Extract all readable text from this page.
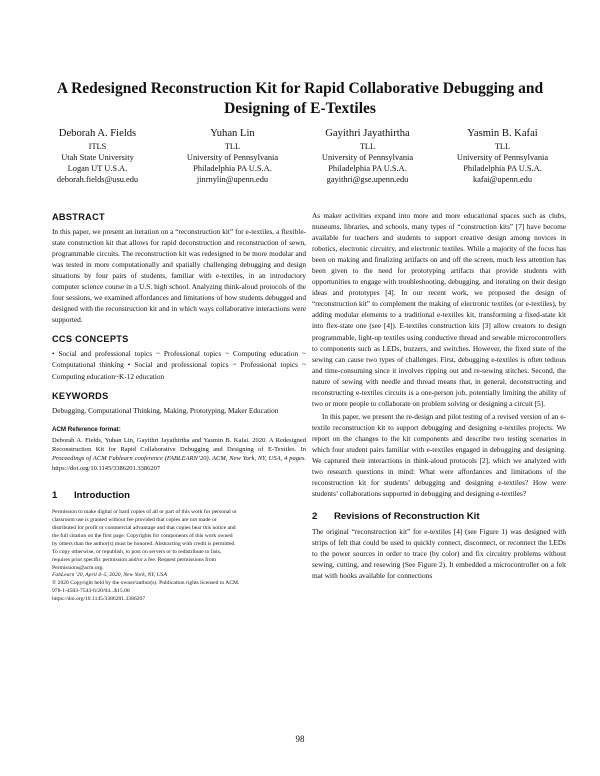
A Redesigned Reconstruction Kit for Rapid Collaborative Debugging and Designing of E-Textiles
Deborah A. Fields
ITLS
Utah State University
Logan UT U.S.A.
deborah.fields@usu.edu
Yuhan Lin
TLL
University of Pennsylvania
Philadelphia PA U.S.A.
jinrnylin@upenn.edu
Gayithri Jayathirtha
TLL
University of Pennsylvania
Philadelphia PA U.S.A.
gayithri@gse.upenn.edu
Yasmin B. Kafai
TLL
University of Pennsylvania
Philadelphia PA U.S.A.
kafai@upenn.edu
ABSTRACT

In this paper, we present an iteration on a “reconstruction kit” for e-textiles, a flexible-state construction kit that allows for rapid deconstruction and reconstruction of sewn, programmable circuits. The reconstruction kit was redesigned to be more modular and was tested in more computationally and spatially challenging debugging and design situations by four pairs of students, familiar with e-textiles, in an introductory computer science course in a U.S. high school. Analyzing think-aloud protocols of the four sessions, we examined affordances and limitations of how students debugged and designed with the reconstruction kit and in which ways collaborative interactions were supported.

CCS CONCEPTS

• Social and professional topics ~ Professional topics ~ Computing education ~ Computational thinking • Social and professional topics ~ Professional topics ~ Computing education~K-12 education

KEYWORDS

Debugging, Computational Thinking, Making, Prototyping, Maker Education

ACM Reference format:

Deborah A. Fields, Yuhan Lin, Gayithri Jayathirtha and Yasmin B. Kafai. 2020. A Redesigned Reconstruction Kit for Rapid Collaborative Debugging and Designing of E-Textiles. In Proceedings of ACM Fablearn conference (FABLEARN’20). ACM, New York, NY, USA, 4 pages. https://doi.org/10.1145/3386201.3386207

1 Introduction

Permission to make digital or hard copies of all or part of this work for personal or

classroom use is granted without fee provided that copies are not made or

distributed for profit or commercial advantage and that copies bear this notice and

the full citation on the first page. Copyrights for components of this work owned

by others than the author(s) must be honored. Abstracting with credit is permitted.

To copy otherwise, or republish, to post on servers or to redistribute to lists,

requires prior specific permission and/or a fee. Request permissions from

Permissions@acm.org.

FabLearn '20, April 4–5, 2020, New York, NY, USA

© 2020 Copyright held by the owner/author(s). Publication rights licensed to ACM.

978-1-4503-7543-6/20/04...$15.00

https://doi.org/10.1145/3386201.3386207

As maker activities expand into more and more educational spaces such as clubs, museums, libraries, and schools, many types of “construction kits” [7] have become available for teachers and students to support creative design among novices in robotics, electronic circuitry, and electronic textiles. While a majority of the focus has been on making and finalizing artifacts on and off the screen, much less attention has been given to the need for prototyping artifacts that provide students with opportunities to engage with troubleshooting, debugging, and iterating on their design ideas and prototypes [4]. In our recent work, we proposed the design of “reconstruction kit” to complement the making of electronic textiles (or e-textiles), by adding modular elements to a traditional e-textiles kit, transforming a fixed-state kit into flex-state one (see [4]). E-textiles construction kits [3] allow creators to design programmable, light-up textiles using conductive thread and sewable microcontrollers to components such as LEDs, buzzers, and switches. However, the fixed state of the sewing can cause two types of challenges. First, debugging e-textiles is often tedious and time-consuming since it involves ripping out and re-sewing stitches. Second, the nature of sewing with needle and thread means that, in general, deconstructing and reconstructing e-textiles circuits is a one-person job, potentially limiting the ability of two or more people to collaborate on problem solving or designing a circuit [5].

In this paper, we present the re-design and pilot testing of a revised version of an e-textile reconstruction kit to support debugging and designing e-textiles projects. We report on the changes to the kit components and describe two testing scenarios in which four student pairs familiar with e-textiles engaged in debugging and designing. We captured their interactions in think-aloud protocols [2], which we analyzed with two research questions in mind: What were affordances and limitations of the reconstruction kit for students’ debugging and designing e-textiles? How were students’ collaborations supported in debugging and designing e-textiles?

2 Revisions of Reconstruction Kit

The original “reconstruction kit” for e-textiles [4] (see Figure 1) was designed with strips of felt that could be used to quickly connect, disconnect, or reconnect the LEDs to the power sources in order to trace (by color) and fix circuitry problems without sewing, cutting, and resewing (See Figure 2). It embedded a microcontroller on a felt mat with hooks available for connections

98
